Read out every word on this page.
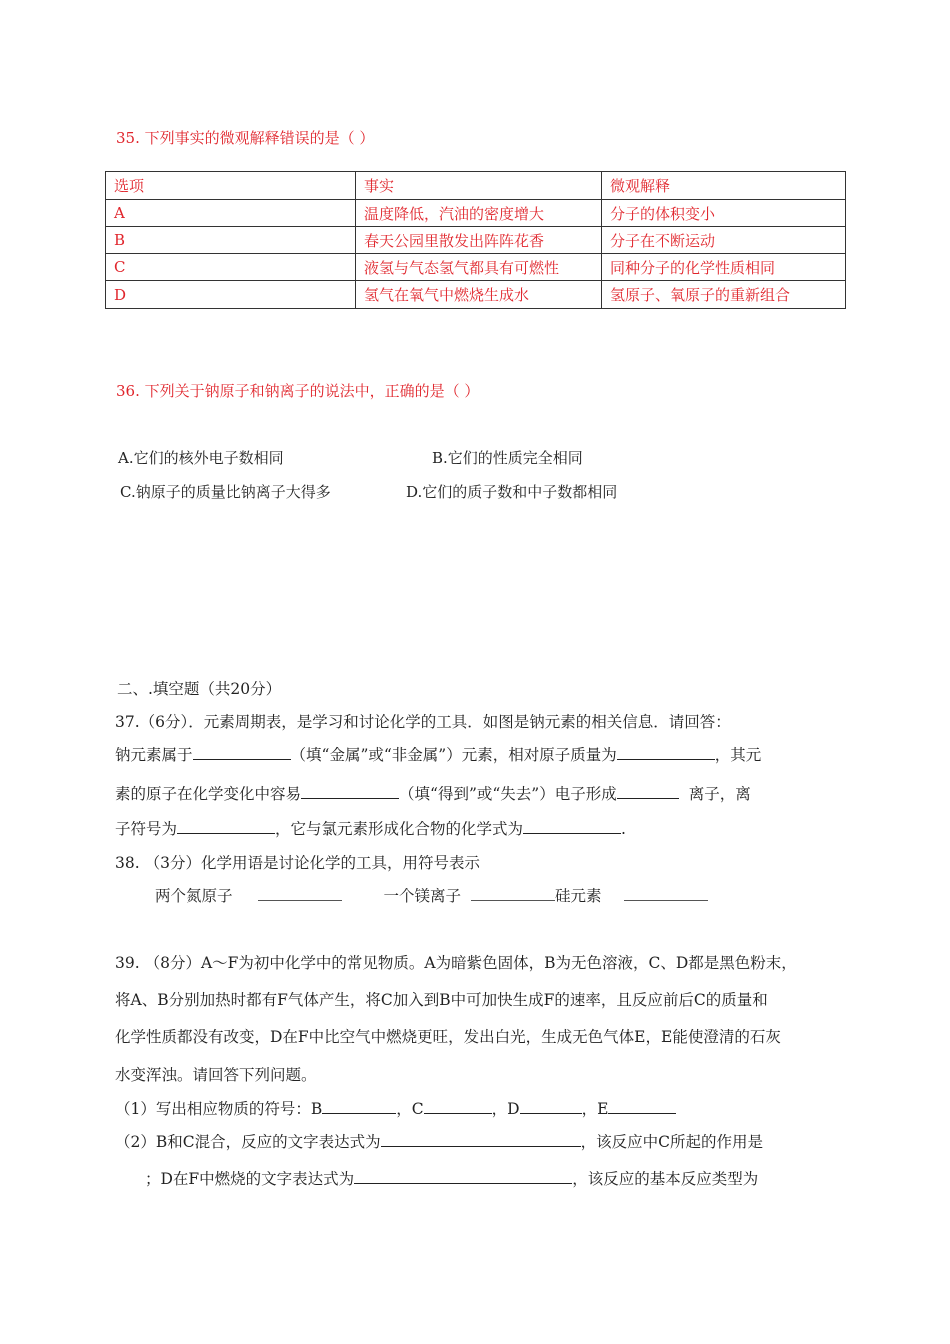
35. 下列事实的微观解释错误的是（ ）
选项	事实	微观解释
A	温度降低，汽油的密度增大	分子的体积变小
B	春天公园里散发出阵阵花香	分子在不断运动
C	液氢与气态氢气都具有可燃性	同种分子的化学性质相同
D	氢气在氧气中燃烧生成水	氢原子、氧原子的重新组合
36. 下列关于钠原子和钠离子的说法中，正确的是（ ）
A.它们的核外电子数相同	B.它们的性质完全相同
C.钠原子的质量比钠离子大得多	D.它们的质子数和中子数都相同
二、.填空题（共20分）
37.（6分）．元素周期表，是学习和讨论化学的工具．如图是钠元素的相关信息．请回答：
钠元素属于	（填“金属”或“非金属”）元素，相对原子质量为	，其元
素的原子在化学变化中容易	（填“得到”或“失去”）电子形成	离子，离
子符号为	，它与氯元素形成化合物的化学式为	.
38. （3分）化学用语是讨论化学的工具，用符号表示
两个氮原子	一个镁离子	硅元素
39. （8分）A～F为初中化学中的常见物质。A为暗紫色固体，B为无色溶液，C、D都是黑色粉末，
将A、B分别加热时都有F气体产生，将C加入到B中可加快生成F的速率，且反应前后C的质量和
化学性质都没有改变，D在F中比空气中燃烧更旺，发出白光，生成无色气体E，E能使澄清的石灰
水变浑浊。请回答下列问题。
（1）写出相应物质的符号：B	，C	，D	，E
（2）B和C混合，反应的文字表达式为	，该反应中C所起的作用是
；D在F中燃烧的文字表达式为	，该反应的基本反应类型为
